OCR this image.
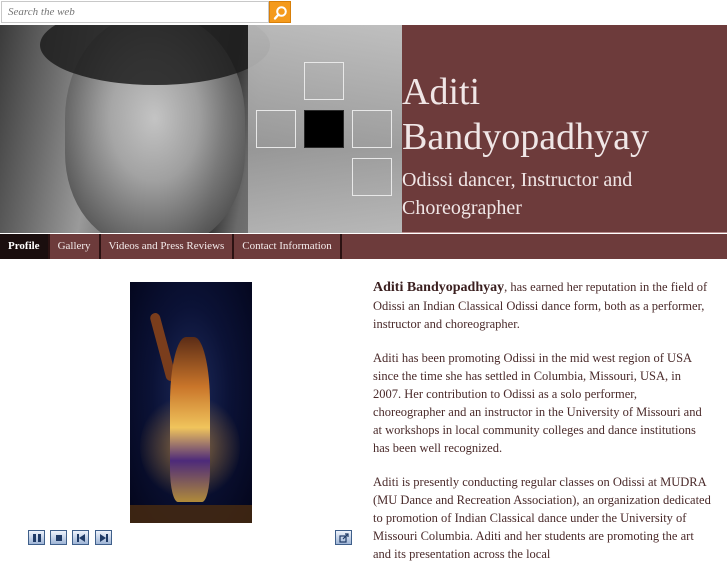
Search the web
Aditi
Bandyopadhyay

Odissi dancer, Instructor and
Choreographer

Profile	Gallery	Videos and Press Reviews	Contact Information

Aditi Bandyopadhyay, has earned her reputation in the field of Odissi an Indian Classical Odissi dance form, both as a performer, instructor and choreographer.

Aditi has been promoting Odissi in the mid west region of USA since the time she has settled in Columbia, Missouri, USA, in 2007. Her contribution to Odissi as a solo performer, choreographer and an instructor in the University of Missouri and at workshops in local community colleges and dance institutions has been well recognized.

Aditi is presently conducting regular classes on Odissi at MUDRA (MU Dance and Recreation Association), an organization dedicated to promotion of Indian Classical dance under the University of Missouri Columbia. Aditi and her students are promoting the art and its presentation across the local
